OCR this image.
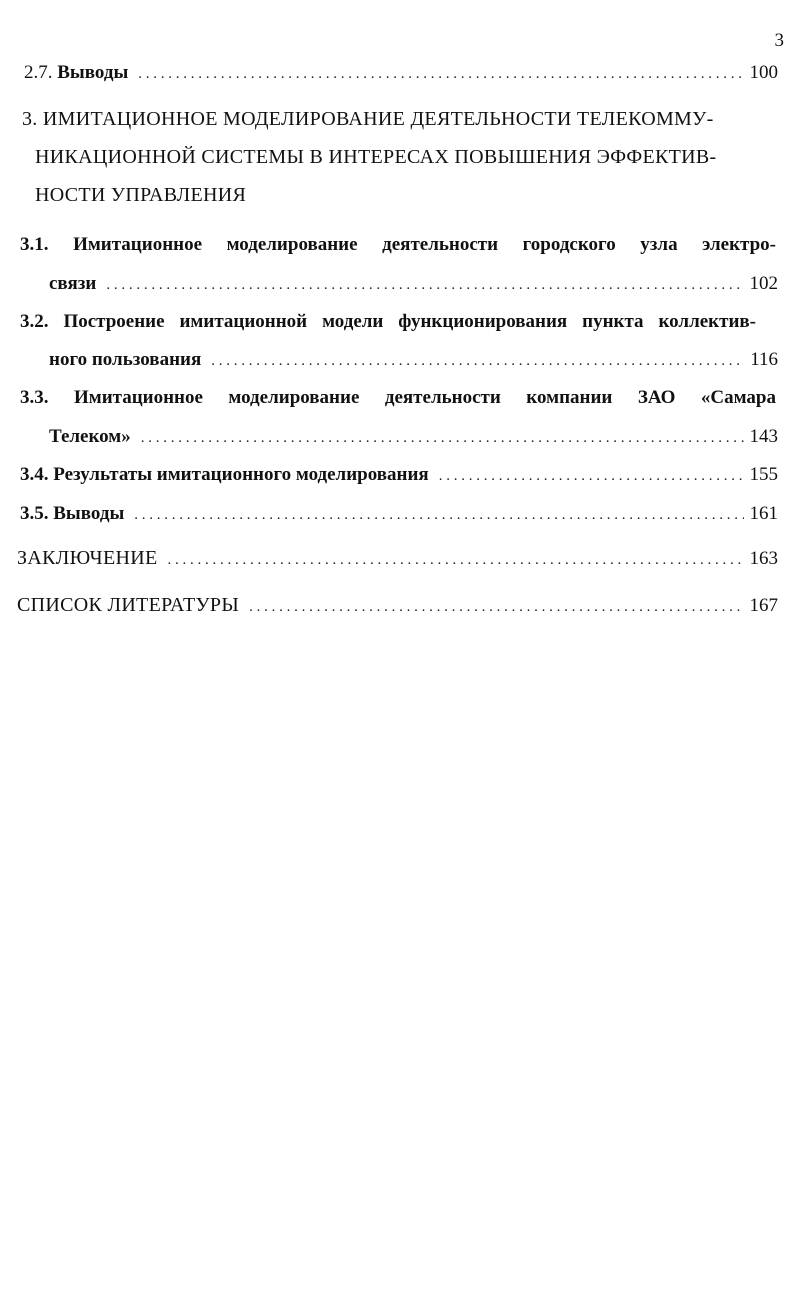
3
2.7. Выводы . . .	100
3. ИМИТАЦИОННОЕ МОДЕЛИРОВАНИЕ ДЕЯТЕЛЬНОСТИ ТЕЛЕКОММУ-
НИКАЦИОННОЙ СИСТЕМЫ В ИНТЕРЕСАХ ПОВЫШЕНИЯ ЭФФЕКТИВ-
НОСТИ УПРАВЛЕНИЯ
3.1. Имитационное моделирование деятельности городского узла электро-
связи . . .	102
3.2. Построение имитационной модели функционирования пункта коллектив-
ного пользования . . .	116
3.3. Имитационное моделирование деятельности компании ЗАО «Самара
Телеком» . . .	143
3.4. Результаты имитационного моделирования . . .	155
3.5. Выводы . . .	161
ЗАКЛЮЧЕНИЕ . . .	163
СПИСОК ЛИТЕРАТУРЫ . . .	167
